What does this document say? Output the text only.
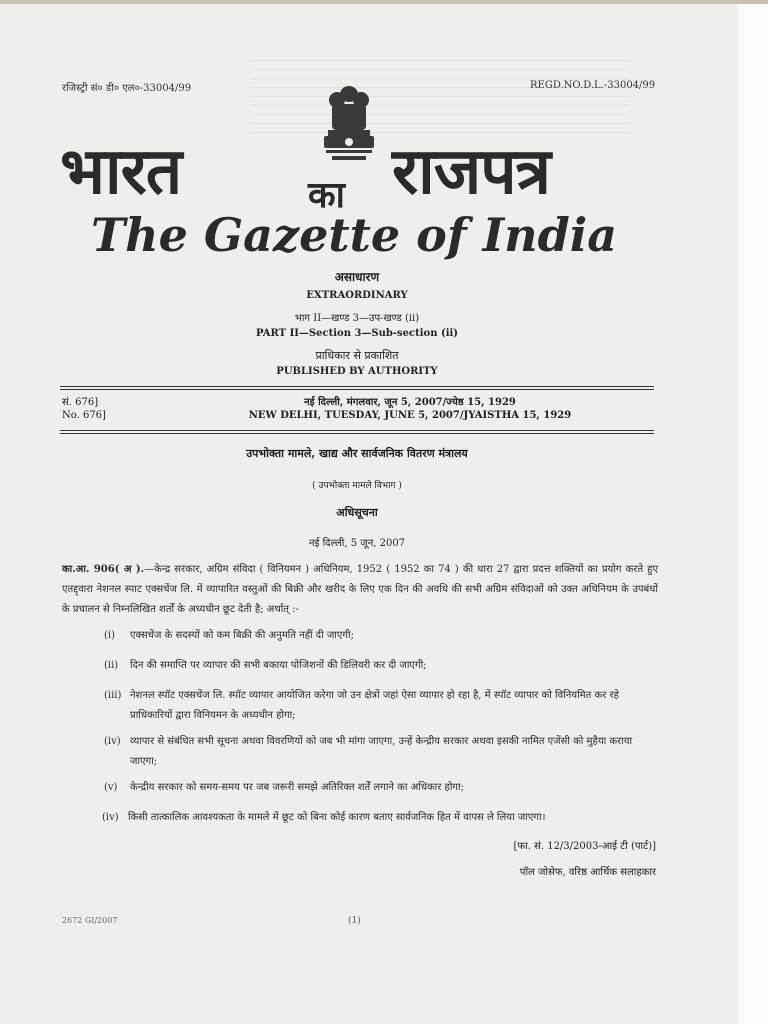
रजिस्ट्री सं० डी० एल०-33004/99	REGD.NO.D.L.-33004/99
भारत	का राजपत्र
The Gazette of India
असाधारण
EXTRAORDINARY
भाग II—खण्ड 3—उप-खण्ड (ii)
PART II—Section 3—Sub-section (ii)
प्राधिकार से प्रकाशित
PUBLISHED BY AUTHORITY
सं. 676]
No. 676]
नई दिल्ली, मंगलवार, जून 5, 2007/ज्येष्ठ 15, 1929
NEW DELHI, TUESDAY, JUNE 5, 2007/JYAISTHA 15, 1929
उपभोक्ता मामले, खाद्य और सार्वजनिक वितरण मंत्रालय
( उपभोक्ता मामले विभाग )
अधिसूचना
नई दिल्ली, 5 जून, 2007
का.आ. 906( अ ).—केन्द्र सरकार, अग्रिम संविदा ( विनियमन ) अधिनियम, 1952 ( 1952 का 74 ) की धारा 27 द्वारा प्रदत्त शक्तियों का प्रयोग करते हुए एतद्द्वारा नेशनल स्पाट एक्सचेंज लि. में व्यापारित वस्तुओं की बिक्री और खरीद के लिए एक दिन की अवधि की सभी अग्रिम संविदाओं को उक्त अधिनियम के उपबंधों के प्रचालन से निम्नलिखित शर्तों के अध्यधीन छूट देती है; अर्थात् :-
(i)	एक्सचेंज के सदस्यों को कम बिक्री की अनुमति नहीं दी जाएगी;
(ii)	दिन की समाप्ति पर व्यापार की सभी बकाया पोजिशनों की डिलिवरी कर दी जाएगी;
(iii) नेशनल स्पॉट एक्सचेंज लि. स्पॉट व्यापार आयोजित करेगा जो उन क्षेत्रों जहां ऐसा व्यापार हो रहा है, में स्पॉट व्यापार को विनियमित कर रहे प्राधिकारियों द्वारा विनियमन के अध्यधीन होगा;
(iv) व्यापार से संबंधित सभी सूचना अथवा विवरणियों को जब भी मांगा जाएगा, उन्हें केन्द्रीय सरकार अथवा इसकी नामित एजेंसी को मुहैया कराया जाएगा;
(v)	केन्द्रीय सरकार को समय-समय पर जब जरूरी समझे अतिरिक्त शर्तें लगाने का अधिकार होगा;
(iv) किसी तात्कालिक आवश्यकता के मामले में छूट को बिना कोई कारण बताए सार्वजनिक हित में वापस ले लिया जाएगा।
[फा. सं. 12/3/2003-आई टी (पार्ट)]
पॉल जोसेफ, वरिष्ठ आर्थिक सलाहकार
2672 GI/2007	(1)
